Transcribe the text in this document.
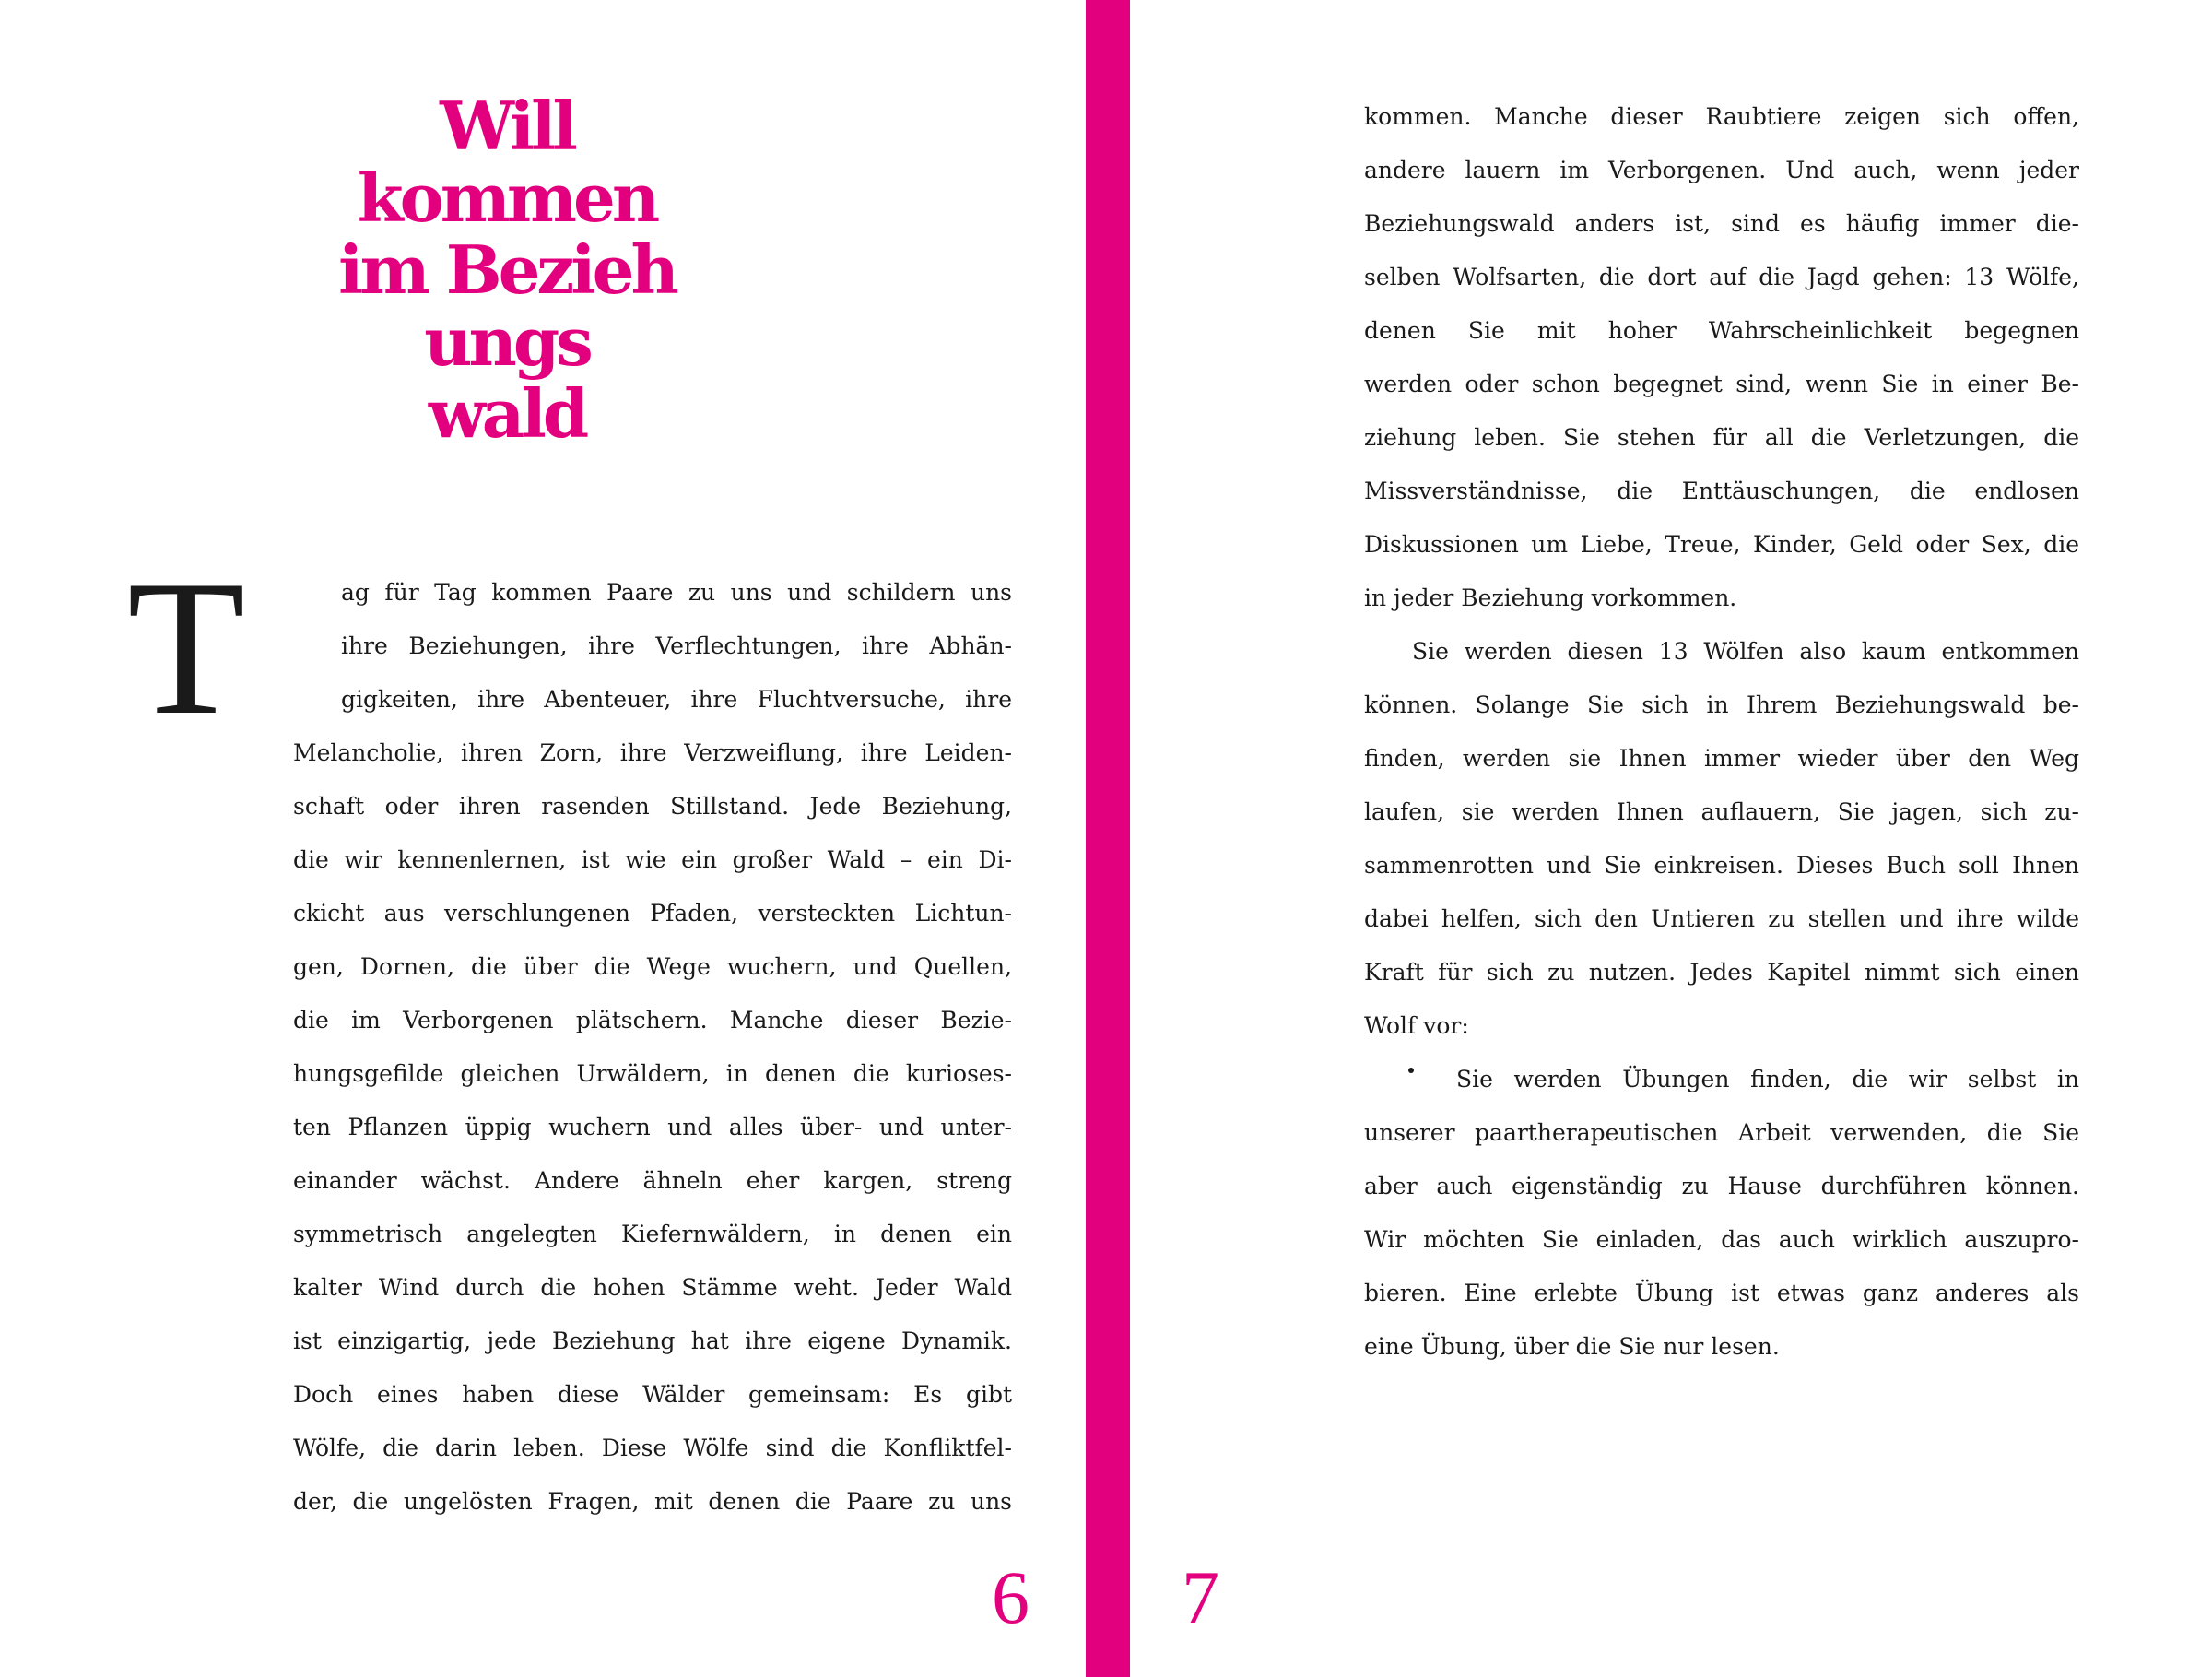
Will
kommen
im Bezieh
ungs
wald
T	ag für Tag kommen Paare zu uns und schildern uns
ihre Beziehungen, ihre Verflechtungen, ihre Abhän-
gigkeiten, ihre Abenteuer, ihre Fluchtversuche, ihre
Melancholie, ihren Zorn, ihre Verzweiflung, ihre Leiden-
schaft oder ihren rasenden Stillstand. Jede Beziehung,
die wir kennenlernen, ist wie ein großer Wald – ein Di-
ckicht aus verschlungenen Pfaden, versteckten Lichtun-
gen, Dornen, die über die Wege wuchern, und Quellen,
die im Verborgenen plätschern. Manche dieser Bezie-
hungsgefilde gleichen Urwäldern, in denen die kurioses-
ten Pflanzen üppig wuchern und alles über- und unter-
einander wächst. Andere ähneln eher kargen, streng
symmetrisch angelegten Kiefernwäldern, in denen ein
kalter Wind durch die hohen Stämme weht. Jeder Wald
ist einzigartig, jede Beziehung hat ihre eigene Dynamik.
Doch eines haben diese Wälder gemeinsam: Es gibt
Wölfe, die darin leben. Diese Wölfe sind die Konfliktfel-
der, die ungelösten Fragen, mit denen die Paare zu uns
6 7
kommen. Manche dieser Raubtiere zeigen sich offen,
andere lauern im Verborgenen. Und auch, wenn jeder
Beziehungswald anders ist, sind es häufig immer die-
selben Wolfsarten, die dort auf die Jagd gehen: 13 Wölfe,
denen Sie mit hoher Wahrscheinlichkeit begegnen
werden oder schon begegnet sind, wenn Sie in einer Be-
ziehung leben. Sie stehen für all die Verletzungen, die
Missverständnisse, die Enttäuschungen, die endlosen
Diskussionen um Liebe, Treue, Kinder, Geld oder Sex, die
in jeder Beziehung vorkommen.
Sie werden diesen 13 Wölfen also kaum entkommen
können. Solange Sie sich in Ihrem Beziehungswald be-
finden, werden sie Ihnen immer wieder über den Weg
laufen, sie werden Ihnen auflauern, Sie jagen, sich zu-
sammenrotten und Sie einkreisen. Dieses Buch soll Ihnen
dabei helfen, sich den Untieren zu stellen und ihre wilde
Kraft für sich zu nutzen. Jedes Kapitel nimmt sich einen
Wolf vor:
Sie werden Übungen finden, die wir selbst in
unserer paartherapeutischen Arbeit verwenden, die Sie
aber auch eigenständig zu Hause durchführen können.
Wir möchten Sie einladen, das auch wirklich auszupro-
bieren. Eine erlebte Übung ist etwas ganz anderes als
eine Übung, über die Sie nur lesen.
